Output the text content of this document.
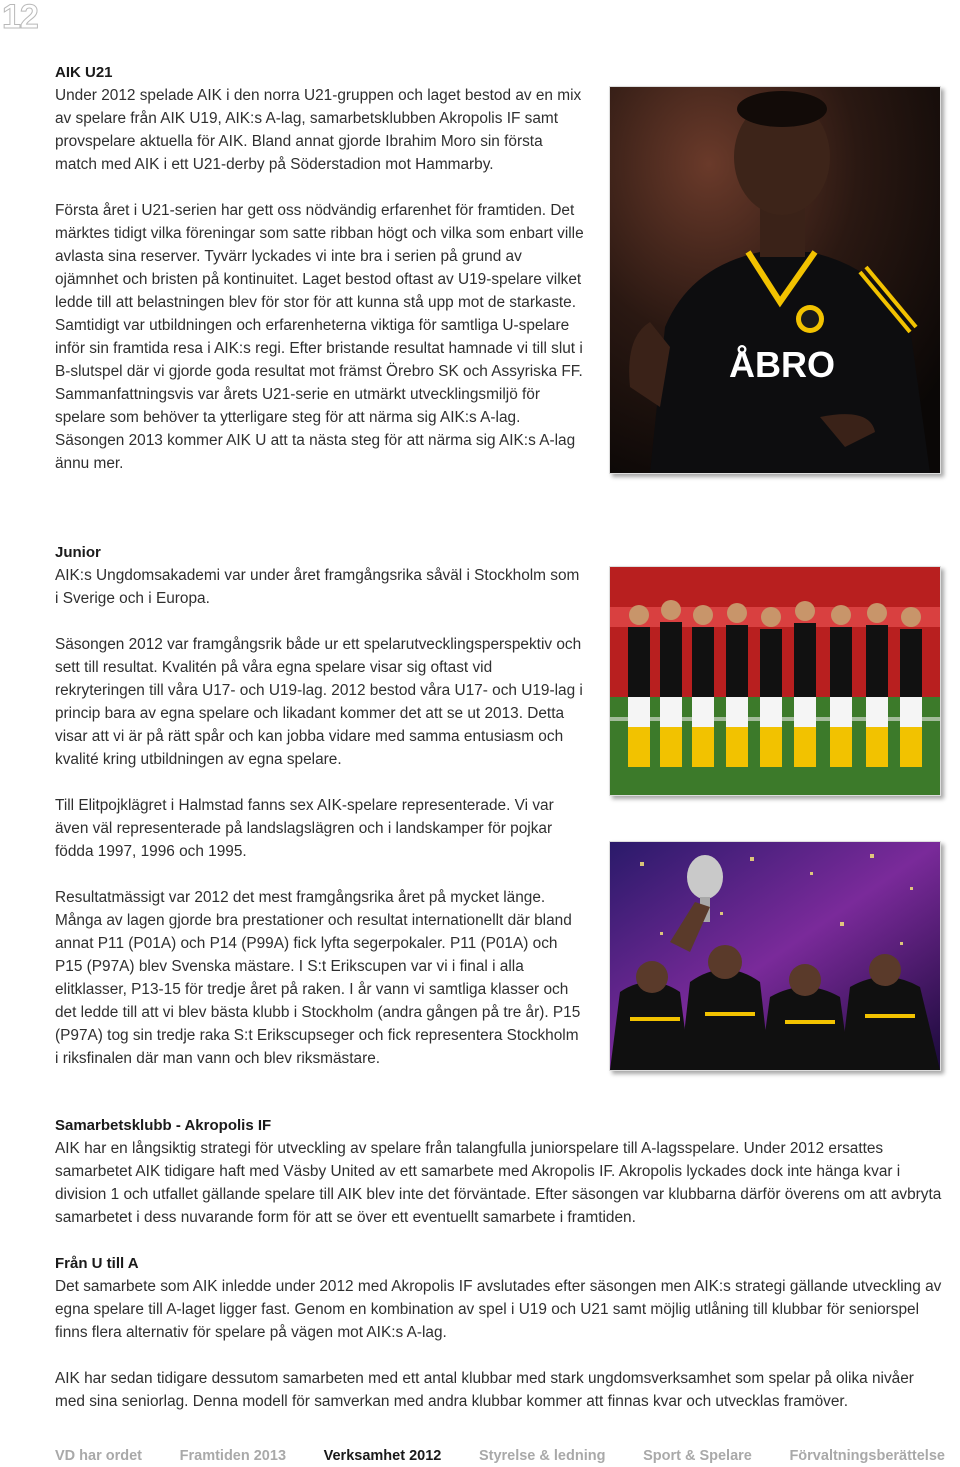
12

AIK U21

Under 2012 spelade AIK i den norra U21-gruppen och laget bestod av en mix av spelare från AIK U19, AIK:s A-lag, samarbetsklubben Akropolis IF samt provspelare aktuella för AIK. Bland annat gjorde Ibrahim Moro sin första match med AIK i ett U21-derby på Söderstadion mot Hammarby.

Första året i U21-serien har gett oss nödvändig erfarenhet för framtiden. Det märktes tidigt vilka föreningar som satte ribban högt och vilka som enbart ville avlasta sina reserver. Tyvärr lyckades vi inte bra i serien på grund av ojämnhet och bristen på kontinuitet. Laget bestod oftast av U19-spelare vilket ledde till att belastningen blev för stor för att kunna stå upp mot de starkaste. Samtidigt var utbildningen och erfarenheterna viktiga för samtliga U-spelare inför sin framtida resa i AIK:s regi. Efter bristande resultat hamnade vi till slut i B-slutspel där vi gjorde goda resultat mot främst Örebro SK och Assyriska FF. Sammanfattningsvis var årets U21-serie en utmärkt utvecklingsmiljö för spelare som behöver ta ytterligare steg för att närma sig AIK:s A-lag. Säsongen 2013 kommer AIK U att ta nästa steg för att närma sig AIK:s A-lag ännu mer.

Junior

AIK:s Ungdomsakademi var under året framgångsrika såväl i Stockholm som i Sverige och i Europa.

Säsongen 2012 var framgångsrik både ur ett spelarutvecklingsperspektiv och sett till resultat. Kvalitén på våra egna spelare visar sig oftast vid rekryteringen till våra U17- och U19-lag. 2012 bestod våra U17- och U19-lag i princip bara av egna spelare och likadant kommer det att se ut 2013. Detta visar att vi är på rätt spår och kan jobba vidare med samma entusiasm och kvalité kring utbildningen av egna spelare.

Till Elitpojklägret i Halmstad fanns sex AIK-spelare representerade. Vi var även väl representerade på landslagslägren och i landskamper för pojkar födda 1997, 1996 och 1995.

Resultatmässigt var 2012 det mest framgångsrika året på mycket länge. Många av lagen gjorde bra prestationer och resultat internationellt där bland annat P11 (P01A) och P14 (P99A) fick lyfta segerpokaler. P11 (P01A) och P15 (P97A) blev Svenska mästare. I S:t Erikscupen var vi i final i alla elitklasser, P13-15 för tredje året på raken. I år vann vi samtliga klasser och det ledde till att vi blev bästa klubb i Stockholm (andra gången på tre år). P15 (P97A) tog sin tredje raka S:t Erikscupseger och fick representera Stockholm i riksfinalen där man vann och blev riksmästare.

Samarbetsklubb - Akropolis IF

AIK har en långsiktig strategi för utveckling av spelare från talangfulla juniorspelare till A-lagsspelare. Under 2012 ersattes samarbetet AIK tidigare haft med Väsby United av ett samarbete med Akropolis IF. Akropolis lyckades dock inte hänga kvar i division 1 och utfallet gällande spelare till AIK blev inte det förväntade. Efter säsongen var klubbarna därför överens om att avbryta samarbetet i dess nuvarande form för att se över ett eventuellt samarbete i framtiden.

Från U till A

Det samarbete som AIK inledde under 2012 med Akropolis IF avslutades efter säsongen men AIK:s strategi gällande utveckling av egna spelare till A-laget ligger fast. Genom en kombination av spel i U19 och U21 samt möjlig utlåning till klubbar för seniorspel finns flera alternativ för spelare på vägen mot AIK:s A-lag.

AIK har sedan tidigare dessutom samarbeten med ett antal klubbar med stark ungdomsverksamhet som spelar på olika nivåer med sina seniorlag. Denna modell för samverkan med andra klubbar kommer att finnas kvar och utvecklas framöver.

ÅBRO
VD har ordet	Framtiden 2013	Verksamhet 2012	Styrelse & ledning	Sport & Spelare	Förvaltningsberättelse
